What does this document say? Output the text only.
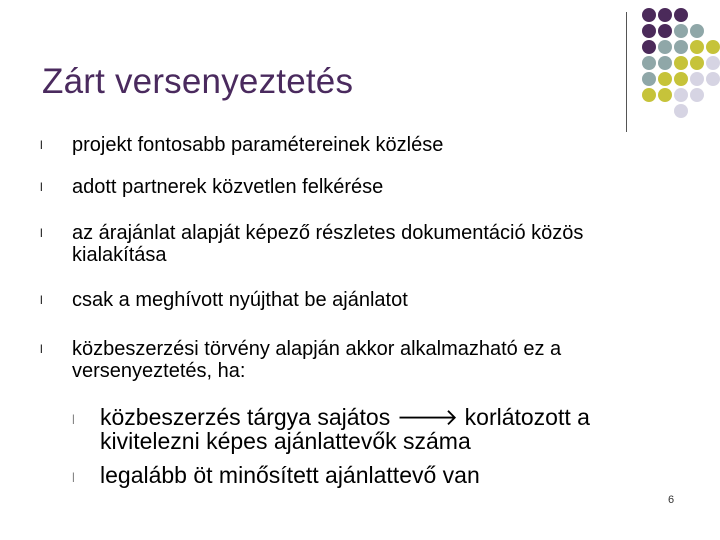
Zárt versenyeztetés
l projekt fontosabb paramétereinek közlése
l adott partnerek közvetlen felkérése
l az árajánlat alapját képező részletes dokumentáció közös kialakítása
l csak a meghívott nyújthat be ajánlatot
l közbeszerzési törvény alapján akkor alkalmazható ez a versenyeztetés, ha:
l közbeszerzés tárgya sajátos 🡒 korlátozott a kivitelezni képes ajánlattevők száma
l legalább öt minősített ajánlattevő van
6
